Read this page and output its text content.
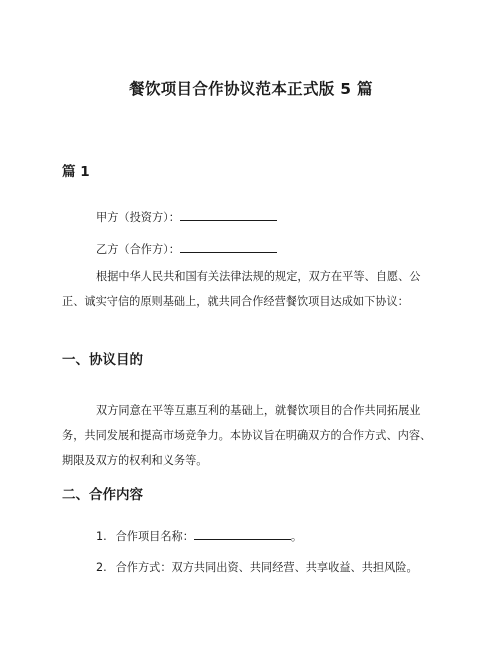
餐饮项目合作协议范本正式版 5 篇
篇 1
甲方（投资方）：
乙方（合作方）：

根据中华人民共和国有关法律法规的规定，双方在平等、自愿、公正、诚实守信的原则基础上，就共同合作经营餐饮项目达成如下协议：

一、协议目的

双方同意在平等互惠互利的基础上，就餐饮项目的合作共同拓展业务，共同发展和提高市场竞争力。本协议旨在明确双方的合作方式、内容、期限及双方的权利和义务等。

二、合作内容
1. 合作项目名称：	。
2. 合作方式：双方共同出资、共同经营、共享收益、共担风险。
